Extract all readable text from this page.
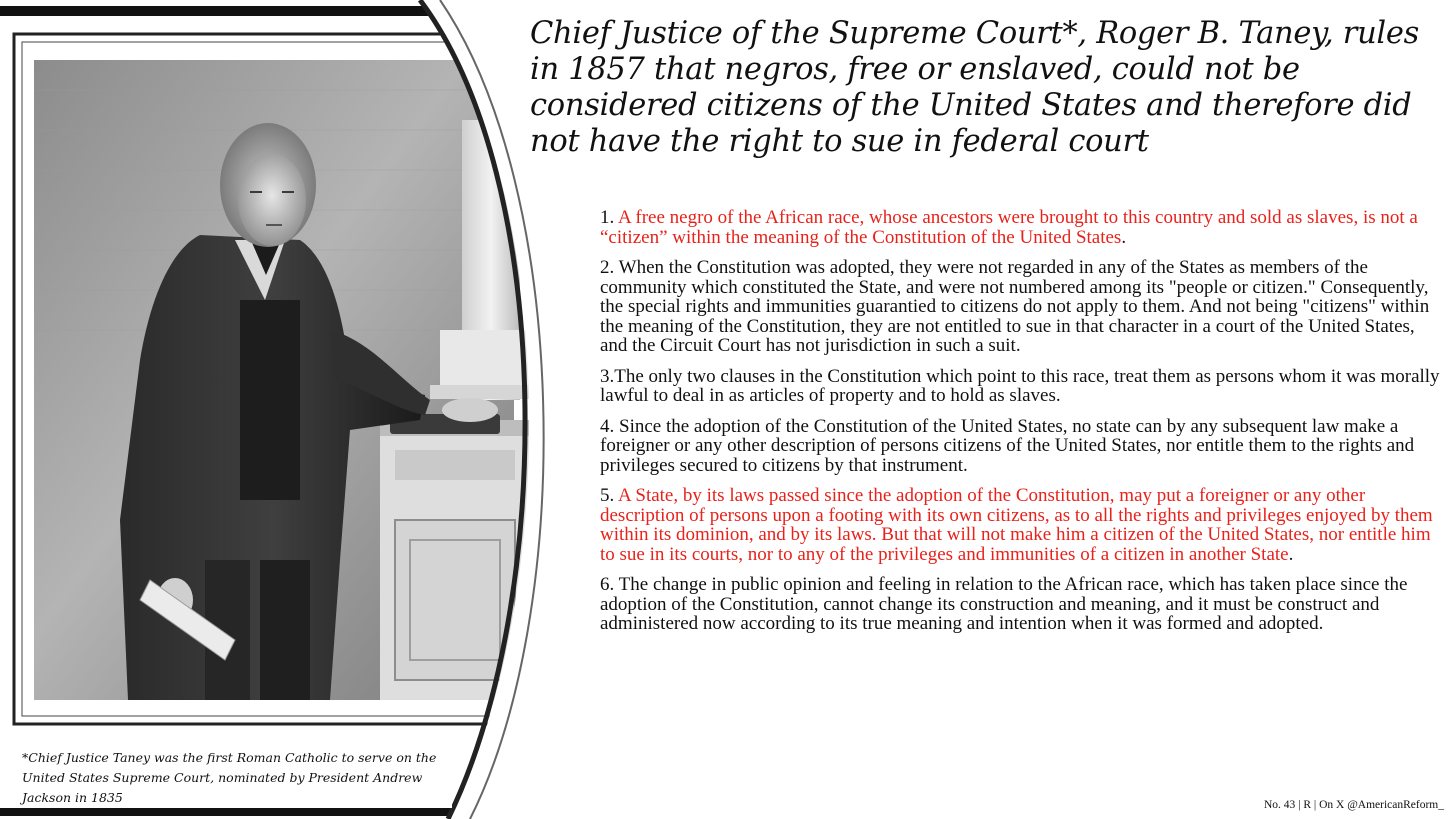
*Chief Justice Taney was the first Roman Catholic to serve on the United States Supreme Court, nominated by President Andrew Jackson in 1835

Chief Justice of the Supreme Court*, Roger B. Taney, rules in 1857 that negros, free or enslaved, could not be considered citizens of the United States and therefore did not have the right to sue in federal court
1. A free negro of the African race, whose ancestors were brought to this country and sold as slaves, is not a “citizen” within the meaning of the Constitution of the United States.
2. When the Constitution was adopted, they were not regarded in any of the States as members of the community which constituted the State, and were not numbered among its "people or citizen." Consequently, the special rights and immunities guarantied to citizens do not apply to them. And not being "citizens" within the meaning of the Constitution, they are not entitled to sue in that character in a court of the United States, and the Circuit Court has not jurisdiction in such a suit.
3.The only two clauses in the Constitution which point to this race, treat them as persons whom it was morally lawful to deal in as articles of property and to hold as slaves.
4. Since the adoption of the Constitution of the United States, no state can by any subsequent law make a foreigner or any other description of persons citizens of the United States, nor entitle them to the rights and privileges secured to citizens by that instrument.
5. A State, by its laws passed since the adoption of the Constitution, may put a foreigner or any other description of persons upon a footing with its own citizens, as to all the rights and privileges enjoyed by them within its dominion, and by its laws. But that will not make him a citizen of the United States, nor entitle him to sue in its courts, nor to any of the privileges and immunities of a citizen in another State.
6. The change in public opinion and feeling in relation to the African race, which has taken place since the adoption of the Constitution, cannot change its construction and meaning, and it must be construct and administered now according to its true meaning and intention when it was formed and adopted.
No. 43 | R | On X @AmericanReform_
